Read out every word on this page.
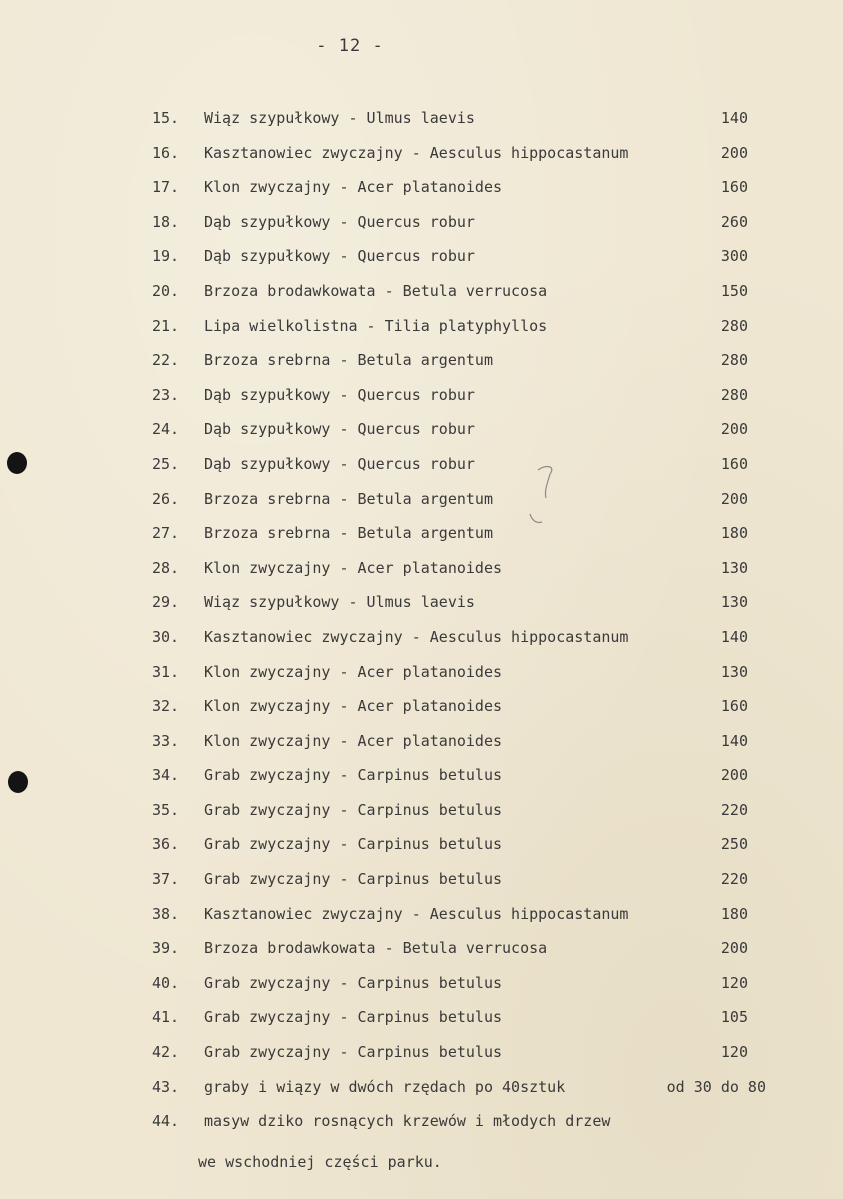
- 12 -
15.	Wiąz szypułkowy - Ulmus laevis	140
16.	Kasztanowiec zwyczajny - Aesculus hippocastanum	200
17.	Klon zwyczajny - Acer platanoides	160
18.	Dąb szypułkowy - Quercus robur	260
19.	Dąb szypułkowy - Quercus robur	300
20.	Brzoza brodawkowata - Betula verrucosa	150
21.	Lipa wielkolistna - Tilia platyphyllos	280
22.	Brzoza srebrna - Betula argentum	280
23.	Dąb szypułkowy - Quercus robur	280
24.	Dąb szypułkowy - Quercus robur	200
25.	Dąb szypułkowy - Quercus robur	160
26.	Brzoza srebrna - Betula argentum	200
27.	Brzoza srebrna - Betula argentum	180
28.	Klon zwyczajny - Acer platanoides	130
29.	Wiąz szypułkowy - Ulmus laevis	130
30.	Kasztanowiec zwyczajny - Aesculus hippocastanum	140
31.	Klon zwyczajny - Acer platanoides	130
32.	Klon zwyczajny - Acer platanoides	160
33.	Klon zwyczajny - Acer platanoides	140
34.	Grab zwyczajny - Carpinus betulus	200
35.	Grab zwyczajny - Carpinus betulus	220
36.	Grab zwyczajny - Carpinus betulus	250
37.	Grab zwyczajny - Carpinus betulus	220
38.	Kasztanowiec zwyczajny - Aesculus hippocastanum	180
39.	Brzoza brodawkowata - Betula verrucosa	200
40.	Grab zwyczajny - Carpinus betulus	120
41.	Grab zwyczajny - Carpinus betulus	105
42.	Grab zwyczajny - Carpinus betulus	120
43.	graby i wiązy w dwóch rzędach po 40sztuk	od 30 do 80
44.	masyw dziko rosnących krzewów i młodych drzew
we wschodniej części parku.
